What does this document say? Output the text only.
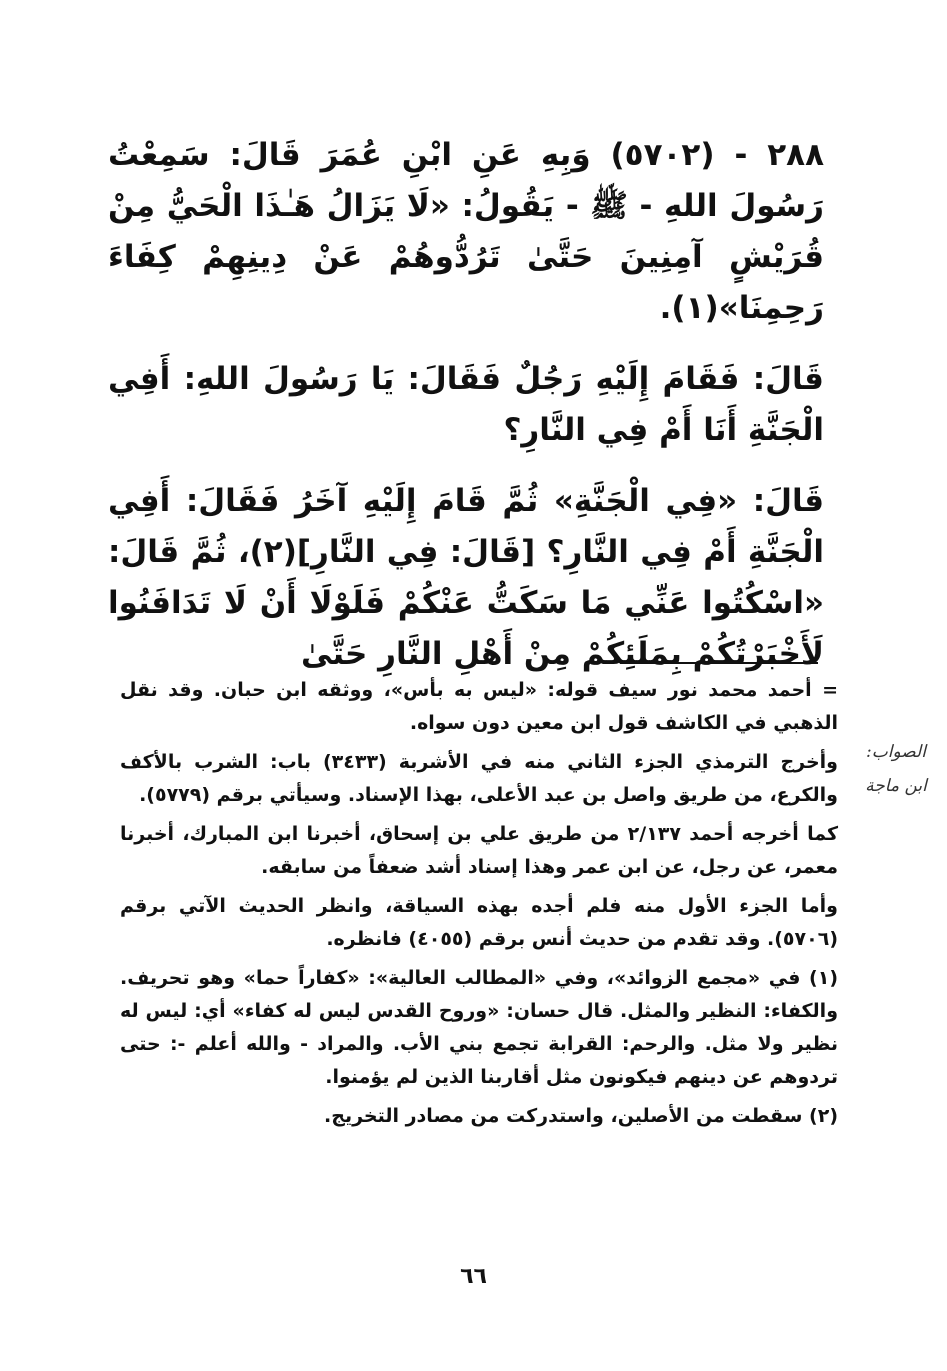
٢٨٨ - (٥٧٠٢) وَبِهِ عَنِ ابْنِ عُمَرَ قَالَ: سَمِعْتُ رَسُولَ اللهِ - ﷺ - يَقُولُ: «لَا يَزَالُ هَـٰذَا الْحَيُّ مِنْ قُرَيْشٍ آمِنِينَ حَتَّىٰ تَرُدُّوهُمْ عَنْ دِينِهِمْ كِفَاءَ رَحِمِنَا»(١).

قَالَ: فَقَامَ إِلَيْهِ رَجُلٌ فَقَالَ: يَا رَسُولَ اللهِ: أَفِي الْجَنَّةِ أَنَا أَمْ فِي النَّارِ؟

قَالَ: «فِي الْجَنَّةِ» ثُمَّ قَامَ إِلَيْهِ آخَرُ فَقَالَ: أَفِي الْجَنَّةِ أَمْ فِي النَّارِ؟ [قَالَ: فِي النَّارِ](٢)، ثُمَّ قَالَ: «اسْكُتُوا عَنِّي مَا سَكَتُّ عَنْكُمْ فَلَوْلَا أَنْ لَا تَدَافَنُوا لَأَخْبَرْتُكُمْ بِمَلَئِكُمْ مِنْ أَهْلِ النَّارِ حَتَّىٰ

= أحمد محمد نور سيف قوله: «ليس به بأس»، ووثقه ابن حبان. وقد نقل الذهبي في الكاشف قول ابن معين دون سواه.

وأخرج الترمذي الجزء الثاني منه في الأشربة (٣٤٣٣) باب: الشرب بالأكف والكرع، من طريق واصل بن عبد الأعلى، بهذا الإسناد. وسيأتي برقم (٥٧٧٩).

كما أخرجه أحمد ٢/١٣٧ من طريق علي بن إسحاق، أخبرنا ابن المبارك، أخبرنا معمر، عن رجل، عن ابن عمر وهذا إسناد أشد ضعفاً من سابقه.

وأما الجزء الأول منه فلم أجده بهذه السياقة، وانظر الحديث الآتي برقم (٥٧٠٦). وقد تقدم من حديث أنس برقم (٤٠٥٥) فانظره.

(١) في «مجمع الزوائد»، وفي «المطالب العالية»: «كفاراً حما» وهو تحريف. والكفاء: النظير والمثل. قال حسان: «وروح القدس ليس له كفاء» أي: ليس له نظير ولا مثل. والرحم: القرابة تجمع بني الأب. والمراد - والله أعلم -: حتى تردوهم عن دينهم فيكونون مثل أقاربنا الذين لم يؤمنوا.

(٢) سقطت من الأصلين، واستدركت من مصادر التخريج.

الصواب:
ابن ماجة
٦٦
